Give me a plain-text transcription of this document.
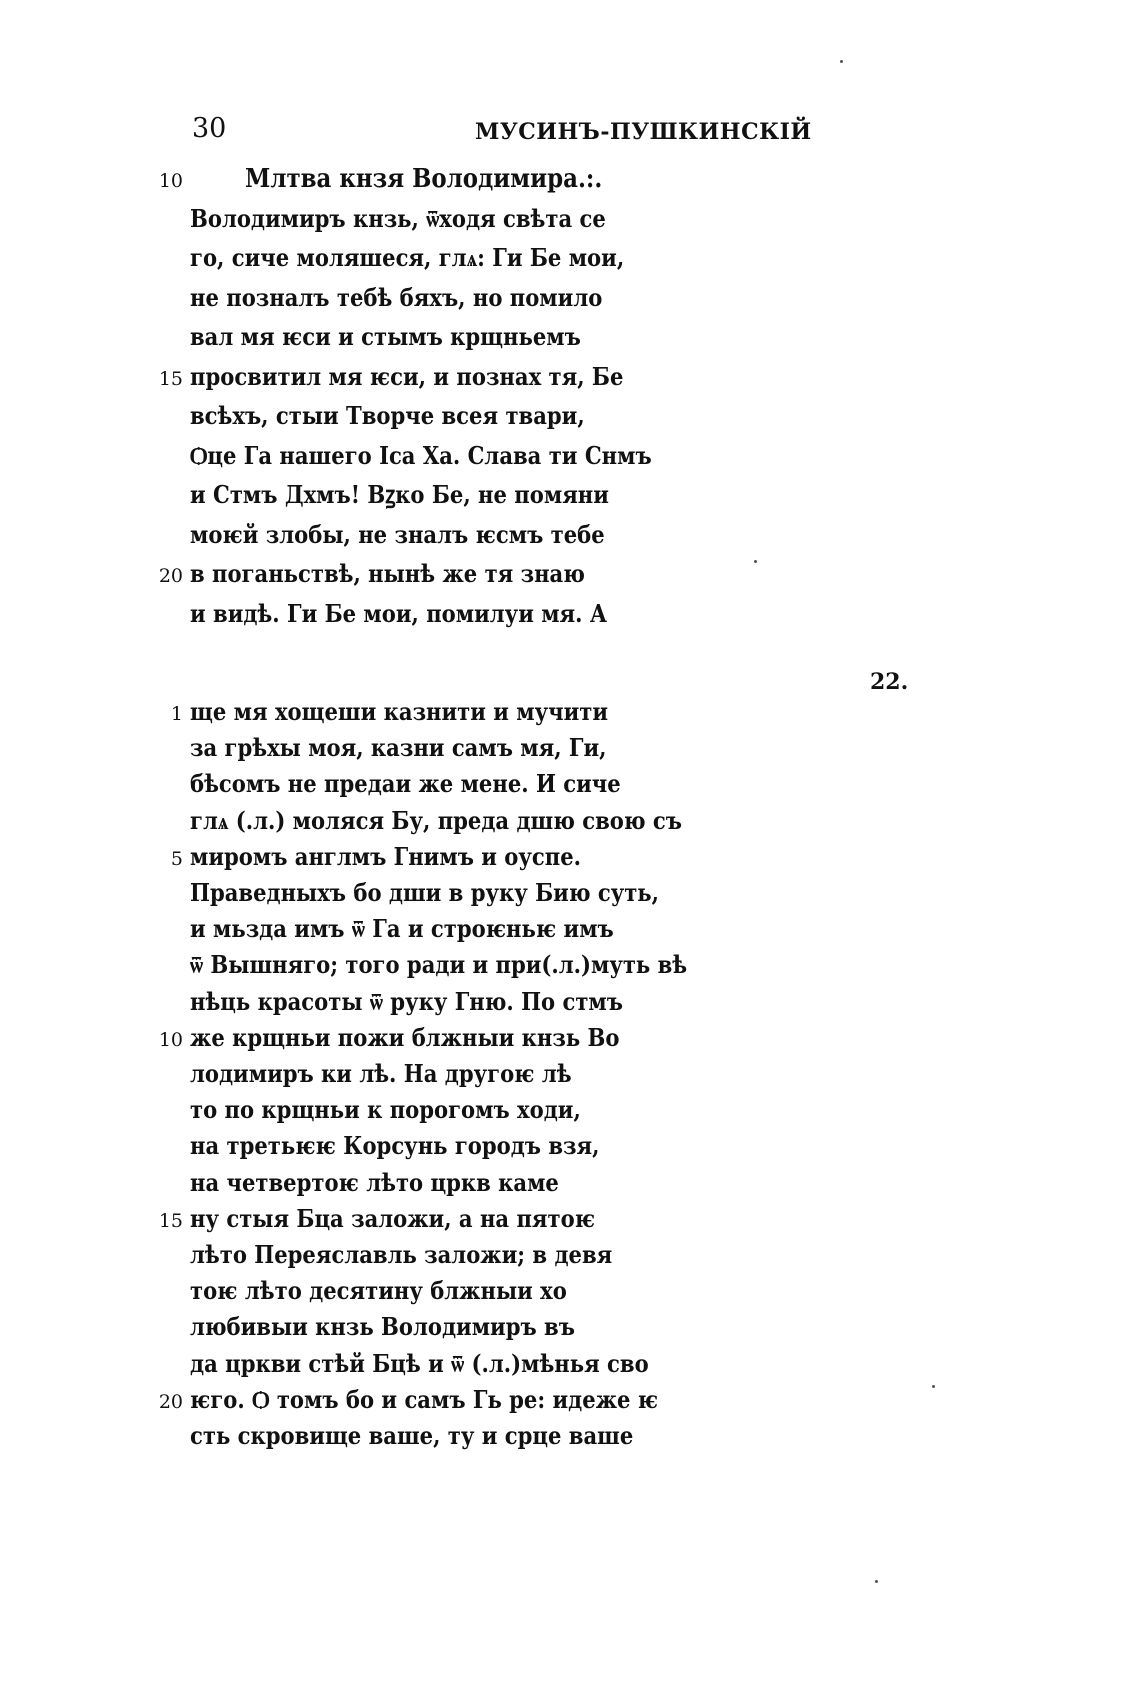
30	МУСИНЪ-ПУШКИНСКІЙ
10 Млтва кнзя Володимира.:.
Володимиръ кнзь, ѿходя свѣта се
го, сиче моляшеся, глѧ: Ги Бе мои,
не позналъ тебѣ бяхъ, но помило
вал мя ѥси и стымъ крщньемъ
15 просвитил мя ѥси, и познах тя, Бе
всѣхъ, стыи Творче всея твари,
Ѻце Га нашего Іса Ха. Слава ти Снмъ
и Стмъ Дхмъ! Вꙁко Бе, не помяни
моѥй злобы, не зналъ ѥсмъ тебе
20 в поганьствѣ, нынѣ же тя знаю
и видѣ. Ги Бе мои, помилуи мя. А
22.
1 ще мя хощеши казнити и мучити
за грѣхы моя, казни самъ мя, Ги,
бѣсомъ не предаи же мене. И сиче
глѧ (.л.) моляся Бу, преда дшю свою съ
5 миромъ англмъ Гнимъ и оуспе.
Праведныхъ бо дши в руку Бию суть,
и мьзда имъ ѿ Га и строѥньѥ имъ
ѿ Вышняго; того ради и при(.л.)муть вѣ
нѣць красоты ѿ руку Гню. По стмъ
10 же крщньи пожи блжныи кнзь Во
лодимиръ ки лѣ. На другоѥ лѣ
то по крщньи к порогомъ ходи,
на третьѥѥ Корсунь городъ взя,
на четвертоѥ лѣто цркв каме
15 ну стыя Бца заложи, а на пятоѥ
лѣто Переяславль заложи; в девя
тоѥ лѣто десятину блжныи хо
любивыи кнзь Володимиръ въ
да цркви стѣй Бцѣ и ѿ (.л.)мѣнья сво
20 ѥго. Ѻ томъ бо и самъ Гь ре: идеже ѥ
сть скровище ваше, ту и срце ваше
